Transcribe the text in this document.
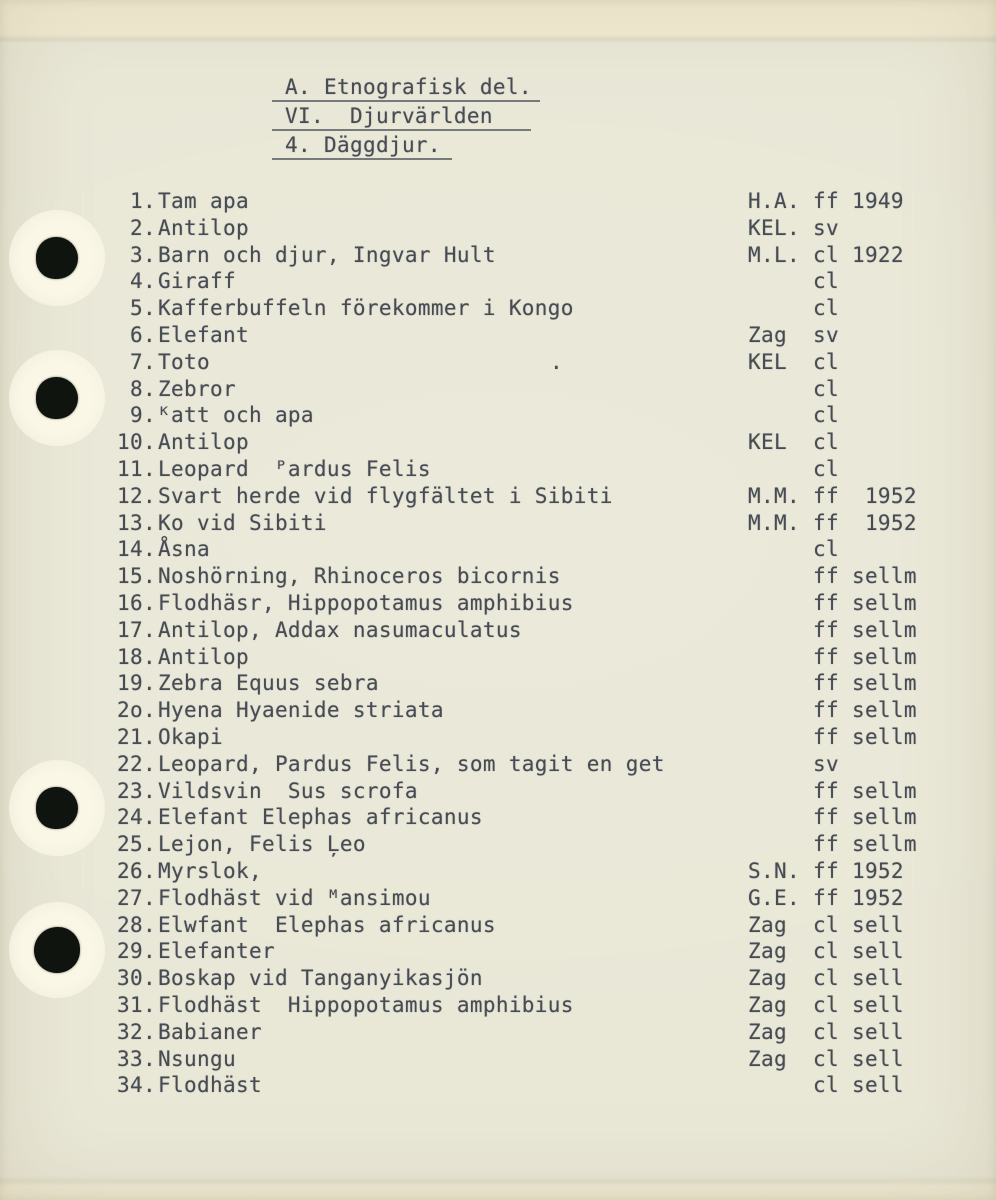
A. Etnografisk del.
VI.  Djurvärlden
4. Däggdjur.
.
1. Tam apa	H.A. ff 1949
2. Antilop	KEL. sv
3. Barn och djur, Ingvar Hult	M.L. cl 1922
4. Giraff	cl
5. Kafferbuffeln förekommer i Kongo	cl
6. Elefant	Zag  sv
7. Toto	KEL  cl
8. Zebror	cl
9. ᴷatt och apa	cl
10. Antilop	KEL  cl
11. Leopard  ᴾardus Felis	cl
12. Svart herde vid flygfältet i Sibiti	M.M. ff  1952
13. Ko vid Sibiti	M.M. ff  1952
14. Åsna	cl
15. Noshörning, Rhinoceros bicornis	ff sellm
16. Flodhäsr, Hippopotamus amphibius	ff sellm
17. Antilop, Addax nasumaculatus	ff sellm
18. Antilop	ff sellm
19. Zebra Equus sebra	ff sellm
2o. Hyena Hyaenide striata	ff sellm
21. Okapi	ff sellm
22. Leopard, Pardus Felis, som tagit en get	sv
23. Vildsvin  Sus scrofa	ff sellm
24. Elefant Elephas africanus	ff sellm
25. Lejon, Felis Ļeo	ff sellm
26. Myrslok,	S.N. ff 1952
27. Flodhäst vid ᴹansimou	G.E. ff 1952
28. Elwfant  Elephas africanus	Zag  cl sell
29. Elefanter	Zag  cl sell
30. Boskap vid Tanganyikasjön	Zag  cl sell
31. Flodhäst  Hippopotamus amphibius	Zag  cl sell
32. Babianer	Zag  cl sell
33. Nsungu	Zag  cl sell
34. Flodhäst	cl sell
